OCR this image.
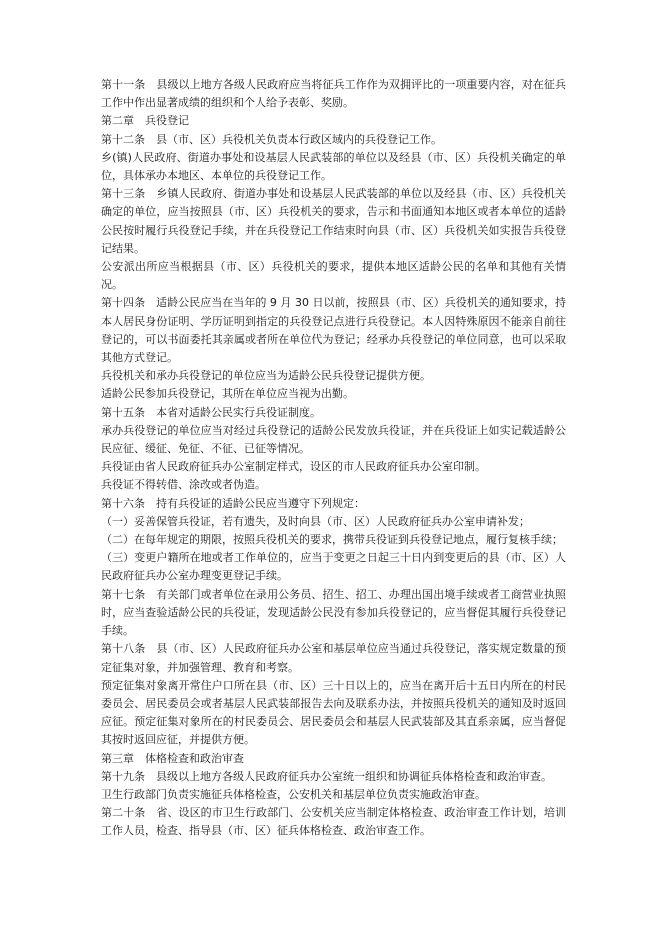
第十一条　县级以上地方各级人民政府应当将征兵工作作为双拥评比的一项重要内容，对在征兵工作中作出显著成绩的组织和个人给予表彰、奖励。

第二章　兵役登记

第十二条　县（市、区）兵役机关负责本行政区域内的兵役登记工作。

乡(镇)人民政府、街道办事处和设基层人民武装部的单位以及经县（市、区）兵役机关确定的单位，具体承办本地区、本单位的兵役登记工作。

第十三条　乡镇人民政府、街道办事处和设基层人民武装部的单位以及经县（市、区）兵役机关确定的单位，应当按照县（市、区）兵役机关的要求，告示和书面通知本地区或者本单位的适龄公民按时履行兵役登记手续，并在兵役登记工作结束时向县（市、区）兵役机关如实报告兵役登记结果。

公安派出所应当根据县（市、区）兵役机关的要求，提供本地区适龄公民的名单和其他有关情况。

第十四条　适龄公民应当在当年的 9 月 30 日以前，按照县（市、区）兵役机关的通知要求，持本人居民身份证明、学历证明到指定的兵役登记点进行兵役登记。本人因特殊原因不能亲自前往登记的，可以书面委托其亲属或者所在单位代为登记；经承办兵役登记的单位同意，也可以采取其他方式登记。

兵役机关和承办兵役登记的单位应当为适龄公民兵役登记提供方便。

适龄公民参加兵役登记，其所在单位应当视为出勤。

第十五条　本省对适龄公民实行兵役证制度。

承办兵役登记的单位应当对经过兵役登记的适龄公民发放兵役证，并在兵役证上如实记载适龄公民应征、缓征、免征、不征、已征等情况。

兵役证由省人民政府征兵办公室制定样式，设区的市人民政府征兵办公室印制。

兵役证不得转借、涂改或者伪造。

第十六条　持有兵役证的适龄公民应当遵守下列规定：

（一）妥善保管兵役证，若有遗失，及时向县（市、区）人民政府征兵办公室申请补发；

（二）在每年规定的期限，按照兵役机关的要求，携带兵役证到兵役登记地点，履行复核手续；

（三）变更户籍所在地或者工作单位的，应当于变更之日起三十日内到变更后的县（市、区）人民政府征兵办公室办理变更登记手续。

第十七条　有关部门或者单位在录用公务员、招生、招工、办理出国出境手续或者工商营业执照时，应当查验适龄公民的兵役证，发现适龄公民没有参加兵役登记的，应当督促其履行兵役登记手续。

第十八条　县（市、区）人民政府征兵办公室和基层单位应当通过兵役登记，落实规定数量的预定征集对象，并加强管理、教育和考察。

预定征集对象离开常住户口所在县（市、区）三十日以上的，应当在离开后十五日内所在的村民委员会、居民委员会或者基层人民武装部报告去向及联系办法，并按照兵役机关的通知及时返回应征。预定征集对象所在的村民委员会、居民委员会和基层人民武装部及其直系亲属，应当督促其按时返回应征，并提供方便。

第三章　体格检查和政治审查

第十九条　县级以上地方各级人民政府征兵办公室统一组织和协调征兵体格检查和政治审查。

卫生行政部门负责实施征兵体格检查，公安机关和基层单位负责实施政治审查。

第二十条　省、设区的市卫生行政部门、公安机关应当制定体格检查、政治审查工作计划，培训工作人员，检查、指导县（市、区）征兵体格检查、政治审查工作。
